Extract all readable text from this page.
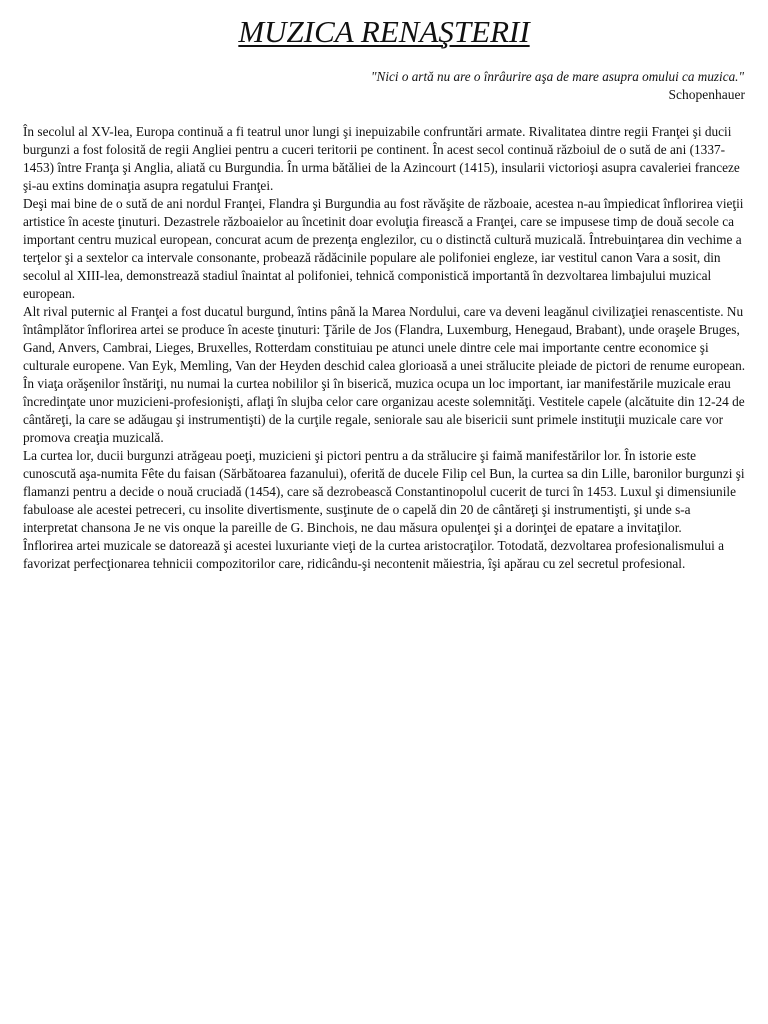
MUZICA RENAŞTERII
"Nici o artă nu are o înrâurire aşa de mare asupra omului ca muzica."
Schopenhauer

În secolul al XV-lea, Europa continuă a fi teatrul unor lungi şi inepuizabile confruntări armate. Rivalitatea dintre regii Franţei şi ducii burgunzi a fost folosită de regii Angliei pentru a cuceri teritorii pe continent. În acest secol continuă războiul de o sută de ani (1337-1453) între Franţa şi Anglia, aliată cu Burgundia. În urma bătăliei de la Azincourt (1415), insularii victorioşi asupra cavaleriei franceze şi-au extins dominaţia asupra regatului Franţei.

Deşi mai bine de o sută de ani nordul Franţei, Flandra şi Burgundia au fost răvăşite de războaie, acestea n-au împiedicat înflorirea vieţii artistice în aceste ţinuturi. Dezastrele războaielor au încetinit doar evoluţia firească a Franţei, care se impusese timp de două secole ca important centru muzical european, concurat acum de prezenţa englezilor, cu o distinctă cultură muzicală. Întrebuinţarea din vechime a terţelor şi a sextelor ca intervale consonante, probează rădăcinile populare ale polifoniei engleze, iar vestitul canon Vara a sosit, din secolul al XIII-lea, demonstrează stadiul înaintat al polifoniei, tehnică componistică importantă în dezvoltarea limbajului muzical european.

Alt rival puternic al Franţei a fost ducatul burgund, întins până la Marea Nordului, care va deveni leagănul civilizaţiei renascentiste. Nu întâmplător înflorirea artei se produce în aceste ţinuturi: Ţările de Jos (Flandra, Luxemburg, Henegaud, Brabant), unde oraşele Bruges, Gand, Anvers, Cambrai, Lieges, Bruxelles, Rotterdam constituiau pe atunci unele dintre cele mai importante centre economice şi culturale europene. Van Eyk, Memling, Van der Heyden deschid calea glorioasă a unei strălucite pleiade de pictori de renume european.

În viaţa orăşenilor înstăriţi, nu numai la curtea nobililor şi în biserică, muzica ocupa un loc important, iar manifestările muzicale erau încredinţate unor muzicieni-profesionişti, aflaţi în slujba celor care organizau aceste solemnităţi. Vestitele capele (alcătuite din 12-24 de cântăreţi, la care se adăugau şi instrumentişti) de la curţile regale, seniorale sau ale bisericii sunt primele instituţii muzicale care vor promova creaţia muzicală.

La curtea lor, ducii burgunzi atrăgeau poeţi, muzicieni şi pictori pentru a da strălucire şi faimă manifestărilor lor. În istorie este cunoscută aşa-numita Fête du faisan (Sărbătoarea fazanului), oferită de ducele Filip cel Bun, la curtea sa din Lille, baronilor burgunzi şi flamanzi pentru a decide o nouă cruciadă (1454), care să dezrobească Constantinopolul cucerit de turci în 1453. Luxul şi dimensiunile fabuloase ale acestei petreceri, cu insolite divertismente, susţinute de o capelă din 20 de cântăreţi şi instrumentişti, şi unde s-a interpretat chansona Je ne vis onque la pareille de G. Binchois, ne dau măsura opulenţei şi a dorinţei de epatare a invitaţilor.

Înflorirea artei muzicale se datorează şi acestei luxuriante vieţi de la curtea aristocraţilor. Totodată, dezvoltarea profesionalismului a favorizat perfecţionarea tehnicii compozitorilor care, ridicându-şi necontenit măiestria, îşi apărau cu zel secretul profesional.
